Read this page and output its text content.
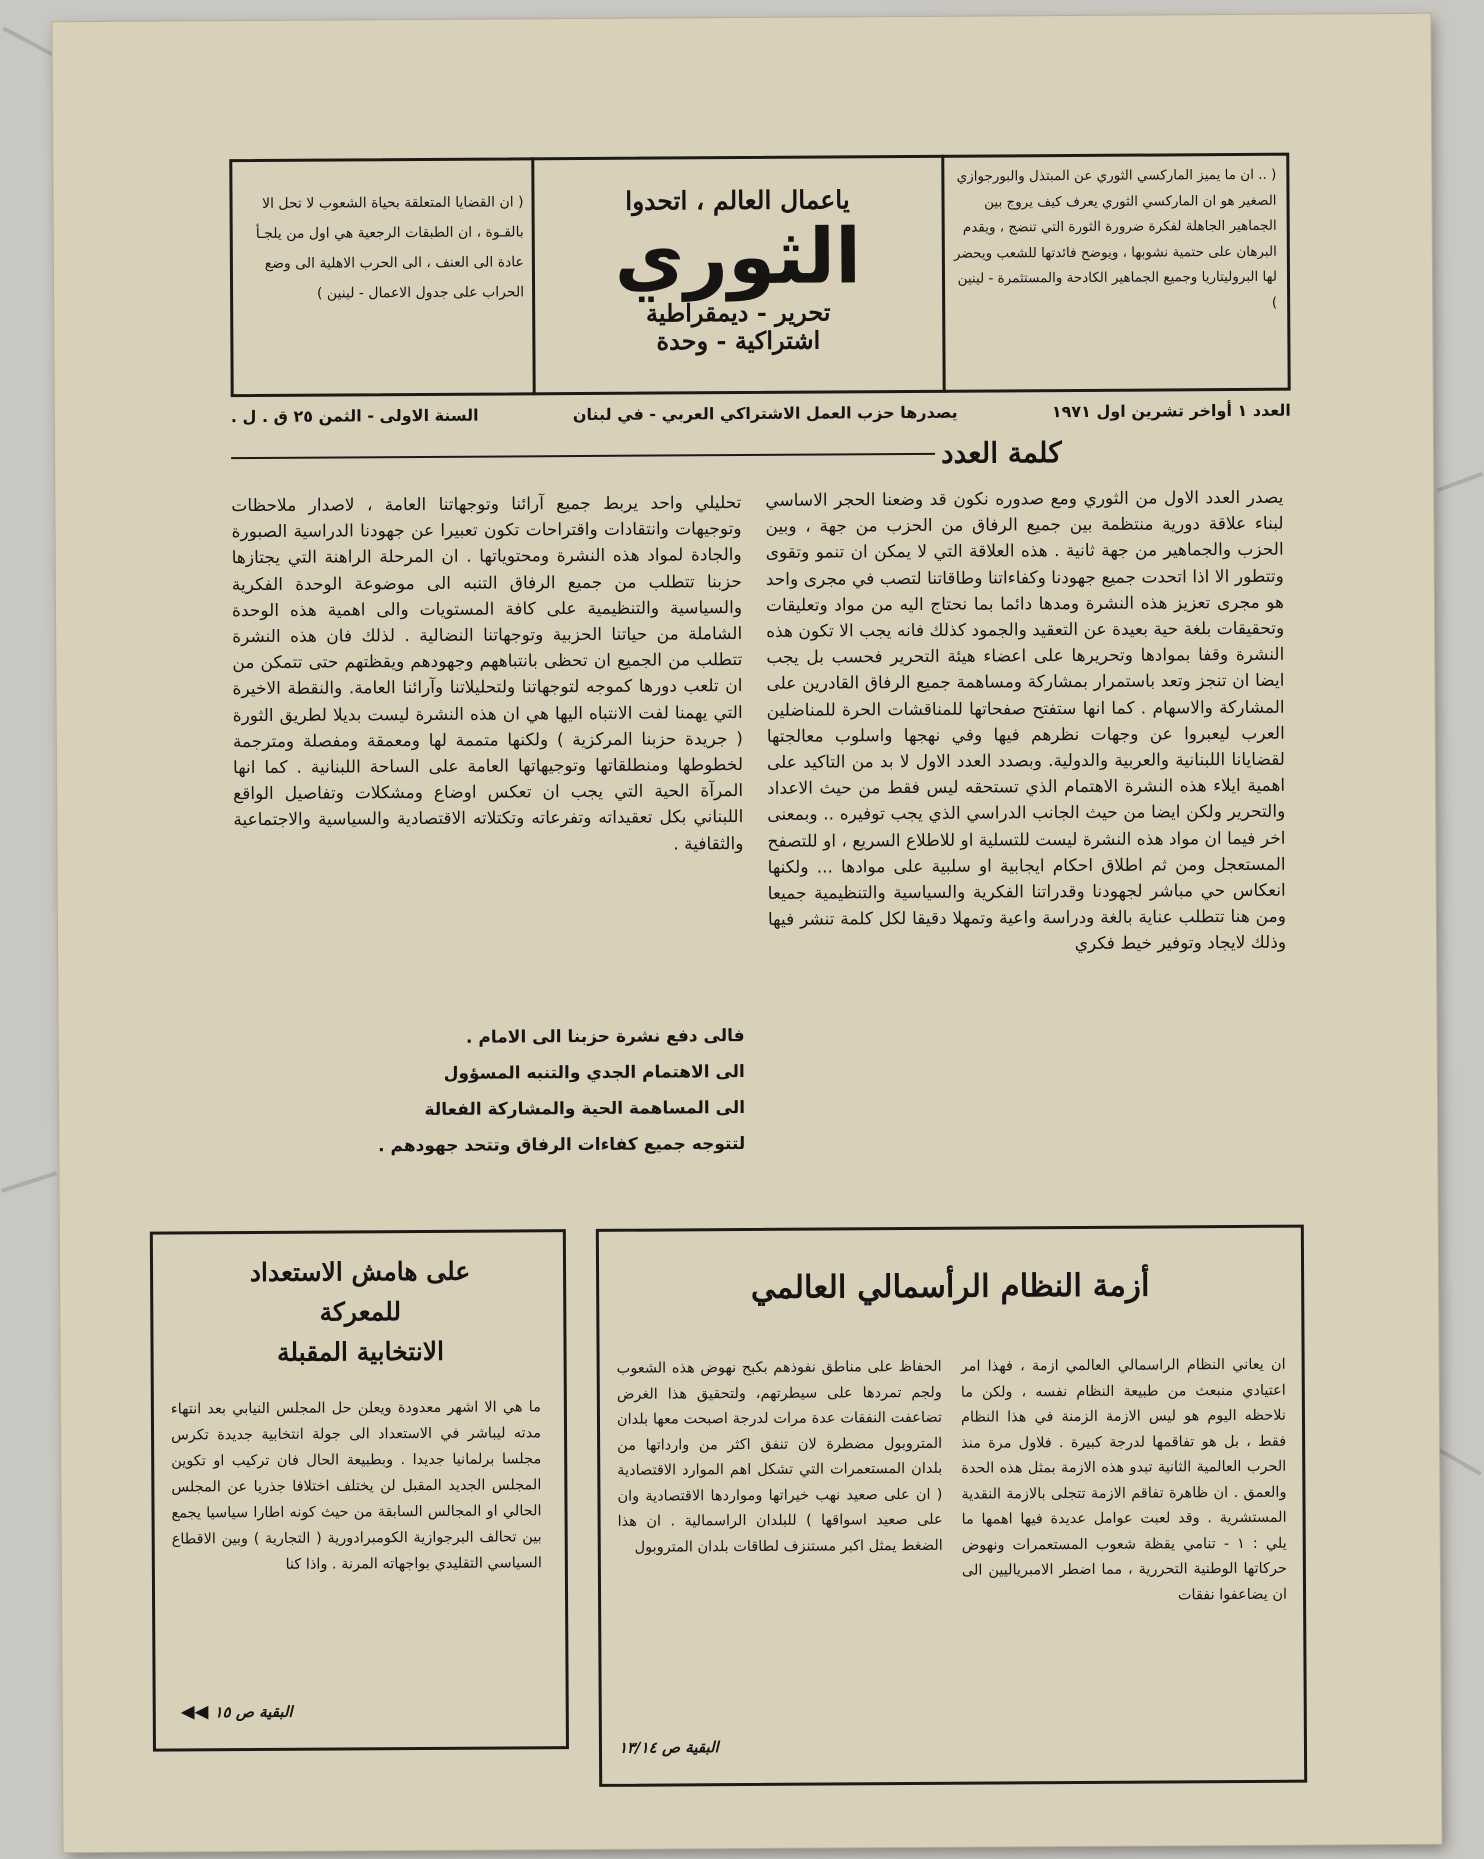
( .. ان ما يميز الماركسي الثوري عن المبتذل والبورجوازي الصغير هو ان الماركسي الثوري يعرف كيف يروج بين الجماهير الجاهلة لفكرة ضرورة الثورة التي تنضج ، ويقدم البرهان على حتمية نشوبها ، ويوضح فائدتها للشعب ويحضر لها البروليتاريا وجميع الجماهير الكادحة والمستثمرة - لينين )
( ان القضايا المتعلقة بحياة الشعوب لا تحل الا بالقـوة ، ان الطبقات الرجعية هي اول من يلجـأ عادة الى العنف ، الى الحرب الاهلية الى وضع الحراب على جدول الاعمال - لينين )
ياعمال العالم ، اتحدوا
الثوري
تحرير - ديمقراطية
اشتراكية - وحدة
العدد ١ أواخر تشرين اول ١٩٧١
يصدرها حزب العمل الاشتراكي العربي - في لبنان
السنة الاولى - الثمن ٢٥ ق . ل .
كلمة العدد
يصدر العدد الاول من الثوري ومع صدوره نكون قد وضعنا الحجر الاساسي لبناء علاقة دورية منتظمة بين جميع الرفاق من الحزب من جهة ، وبين الحزب والجماهير من جهة ثانية . هذه العلاقة التي لا يمكن ان تنمو وتقوى وتتطور الا اذا اتحدت جميع جهودنا وكفاءاتنا وطاقاتنا لتصب في مجرى واحد هو مجرى تعزيز هذه النشرة ومدها دائما بما نحتاج اليه من مواد وتعليقات وتحقيقات بلغة حية بعيدة عن التعقيد والجمود كذلك فانه يجب الا تكون هذه النشرة وقفا بموادها وتحريرها على اعضاء هيئة التحرير فحسب بل يجب ايضا ان تنجز وتعد باستمرار بمشاركة ومساهمة جميع الرفاق القادرين على المشاركة والاسهام . كما انها ستفتح صفحاتها للمناقشات الحرة للمناضلين العرب ليعبروا عن وجهات نظرهم فيها وفي نهجها واسلوب معالجتها لقضايانا اللبنانية والعربية والدولية. وبصدد العدد الاول لا بد من التاكيد على اهمية ايلاء هذه النشرة الاهتمام الذي تستحقه ليس فقط من حيث الاعداد والتحرير ولكن ايضا من حيث الجانب الدراسي الذي يجب توفيره .. وبمعنى اخر فيما ان مواد هذه النشرة ليست للتسلية او للاطلاع السريع ، او للتصفح المستعجل ومن ثم اطلاق احكام ايجابية او سلبية على موادها ... ولكنها انعكاس حي مباشر لجهودنا وقدراتنا الفكرية والسياسية والتنظيمية جميعا ومن هنا تتطلب عناية بالغة ودراسة واعية وتمهلا دقيقا لكل كلمة تنشر فيها وذلك لايجاد وتوفير خيط فكري
تحليلي واحد يربط جميع آرائنا وتوجهاتنا العامة ، لاصدار ملاحظات وتوجيهات وانتقادات واقتراحات تكون تعبيرا عن جهودنا الدراسية الصبورة والجادة لمواد هذه النشرة ومحتوياتها . ان المرحلة الراهنة التي يجتازها حزبنا تتطلب من جميع الرفاق التنبه الى موضوعة الوحدة الفكرية والسياسية والتنظيمية على كافة المستويات والى اهمية هذه الوحدة الشاملة من حياتنا الحزبية وتوجهاتنا النضالية . لذلك فان هذه النشرة تتطلب من الجميع ان تحظى بانتباههم وجهودهم ويقظتهم حتى تتمكن من ان تلعب دورها كموجه لتوجهاتنا ولتحليلاتنا وآرائنا العامة. والنقطة الاخيرة التي يهمنا لفت الانتباه اليها هي ان هذه النشرة ليست بديلا لطريق الثورة ( جريدة حزبنا المركزية ) ولكنها متممة لها ومعمقة ومفصلة ومترجمة لخطوطها ومنطلقاتها وتوجيهاتها العامة على الساحة اللبنانية . كما انها المرآة الحية التي يجب ان تعكس اوضاع ومشكلات وتفاصيل الواقع اللبناني بكل تعقيداته وتفرعاته وتكتلاته الاقتصادية والسياسية والاجتماعية والثقافية .
فالى دفع نشرة حزبنا الى الامام .
الى الاهتمام الجدي والتنبه المسؤول
الى المساهمة الحية والمشاركة الفعالة
لتتوجه جميع كفاءات الرفاق وتتحد جهودهم .
أزمة النظام الرأسمالي العالمي
ان يعاني النظام الراسمالي العالمي ازمة ، فهذا امر اعتيادي منبعث من طبيعة النظام نفسه ، ولكن ما نلاحظه اليوم هو ليس الازمة الزمنة في هذا النظام فقط ، بل هو تفاقمها لدرجة كبيرة . فلاول مرة منذ الحرب العالمية الثانية تبدو هذه الازمة بمثل هذه الحدة والعمق . ان ظاهرة تفاقم الازمة تتجلى بالازمة النقدية المستشرية . وقد لعبت عوامل عديدة فيها اهمها ما يلي : ١ - تنامي يقظة شعوب المستعمرات ونهوض حركاتها الوطنية التحررية ، مما اضطر الامبرياليين الى ان يضاعفوا نفقات
الحفاظ على مناطق نفوذهم بكبح نهوض هذه الشعوب ولجم تمردها على سيطرتهم، ولتحقيق هذا الغرض تضاعفت النفقات عدة مرات لدرجة اصبحت معها بلدان المتروبول مضطرة لان تنفق اكثر من وارداتها من بلدان المستعمرات التي تشكل اهم الموارد الاقتصادية ( ان على صعيد نهب خيراتها ومواردها الاقتصادية وان على صعيد اسواقها ) للبلدان الراسمالية . ان هذا الضغط يمثل اكبر مستنزف لطاقات بلدان المتروبول
البقية ص ١٣/١٤
على هامش الاستعداد
للمعركة
الانتخابية المقبلة
ما هي الا اشهر معدودة ويعلن حل المجلس النيابي بعد انتهاء مدته ليباشر في الاستعداد الى جولة انتخابية جديدة تكرس مجلسا برلمانيا جديدا . وبطبيعة الحال فان تركيب او تكوين المجلس الجديد المقبل لن يختلف اختلافا جذريا عن المجلس الحالي او المجالس السابقة من حيث كونه اطارا سياسيا يجمع بين تحالف البرجوازية الكومبرادورية ( التجارية ) وبين الاقطاع السياسي التقليدي بواجهاته المرنة . واذا كنا
◀◀ البقية ص ١٥
